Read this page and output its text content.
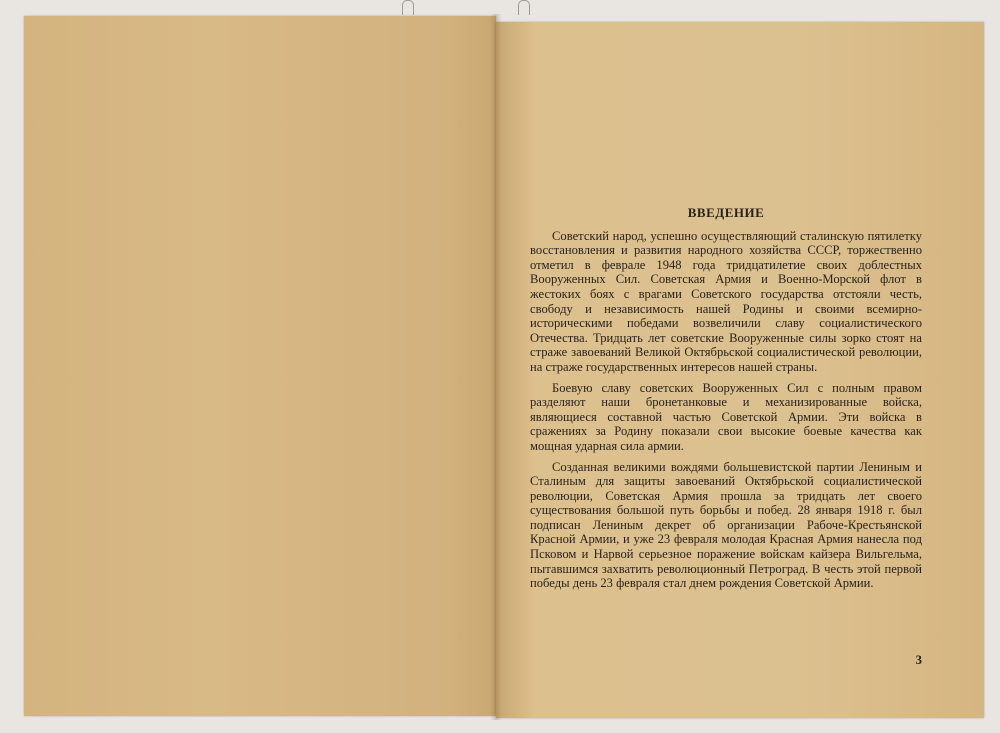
ВВЕДЕНИЕ

Советский народ, успешно осуществляющий сталинскую пятилетку восстановления и развития народного хозяйства СССР, торжественно отметил в феврале 1948 года тридцатилетие своих доблестных Вооруженных Сил. Советская Армия и Военно-Морской флот в жестоких боях с врагами Советского государства отстояли честь, свободу и независимость нашей Родины и своими всемирно-историческими победами возвеличили славу социалистического Отечества. Тридцать лет советские Вооруженные силы зорко стоят на страже завоеваний Великой Октябрьской социалистической революции, на страже государственных интересов нашей страны.

Боевую славу советских Вооруженных Сил с полным правом разделяют наши бронетанковые и механизированные войска, являющиеся составной частью Советской Армии. Эти войска в сражениях за Родину показали свои высокие боевые качества как мощная ударная сила армии.

Созданная великими вождями большевистской партии Лениным и Сталиным для защиты завоеваний Октябрьской социалистической революции, Советская Армия прошла за тридцать лет своего существования большой путь борьбы и побед. 28 января 1918 г. был подписан Лениным декрет об организации Рабоче-Крестьянской Красной Армии, и уже 23 февраля молодая Красная Армия нанесла под Псковом и Нарвой серьезное поражение войскам кайзера Вильгельма, пытавшимся захватить революционный Петроград. В честь этой первой победы день 23 февраля стал днем рождения Советской Армии.

3
